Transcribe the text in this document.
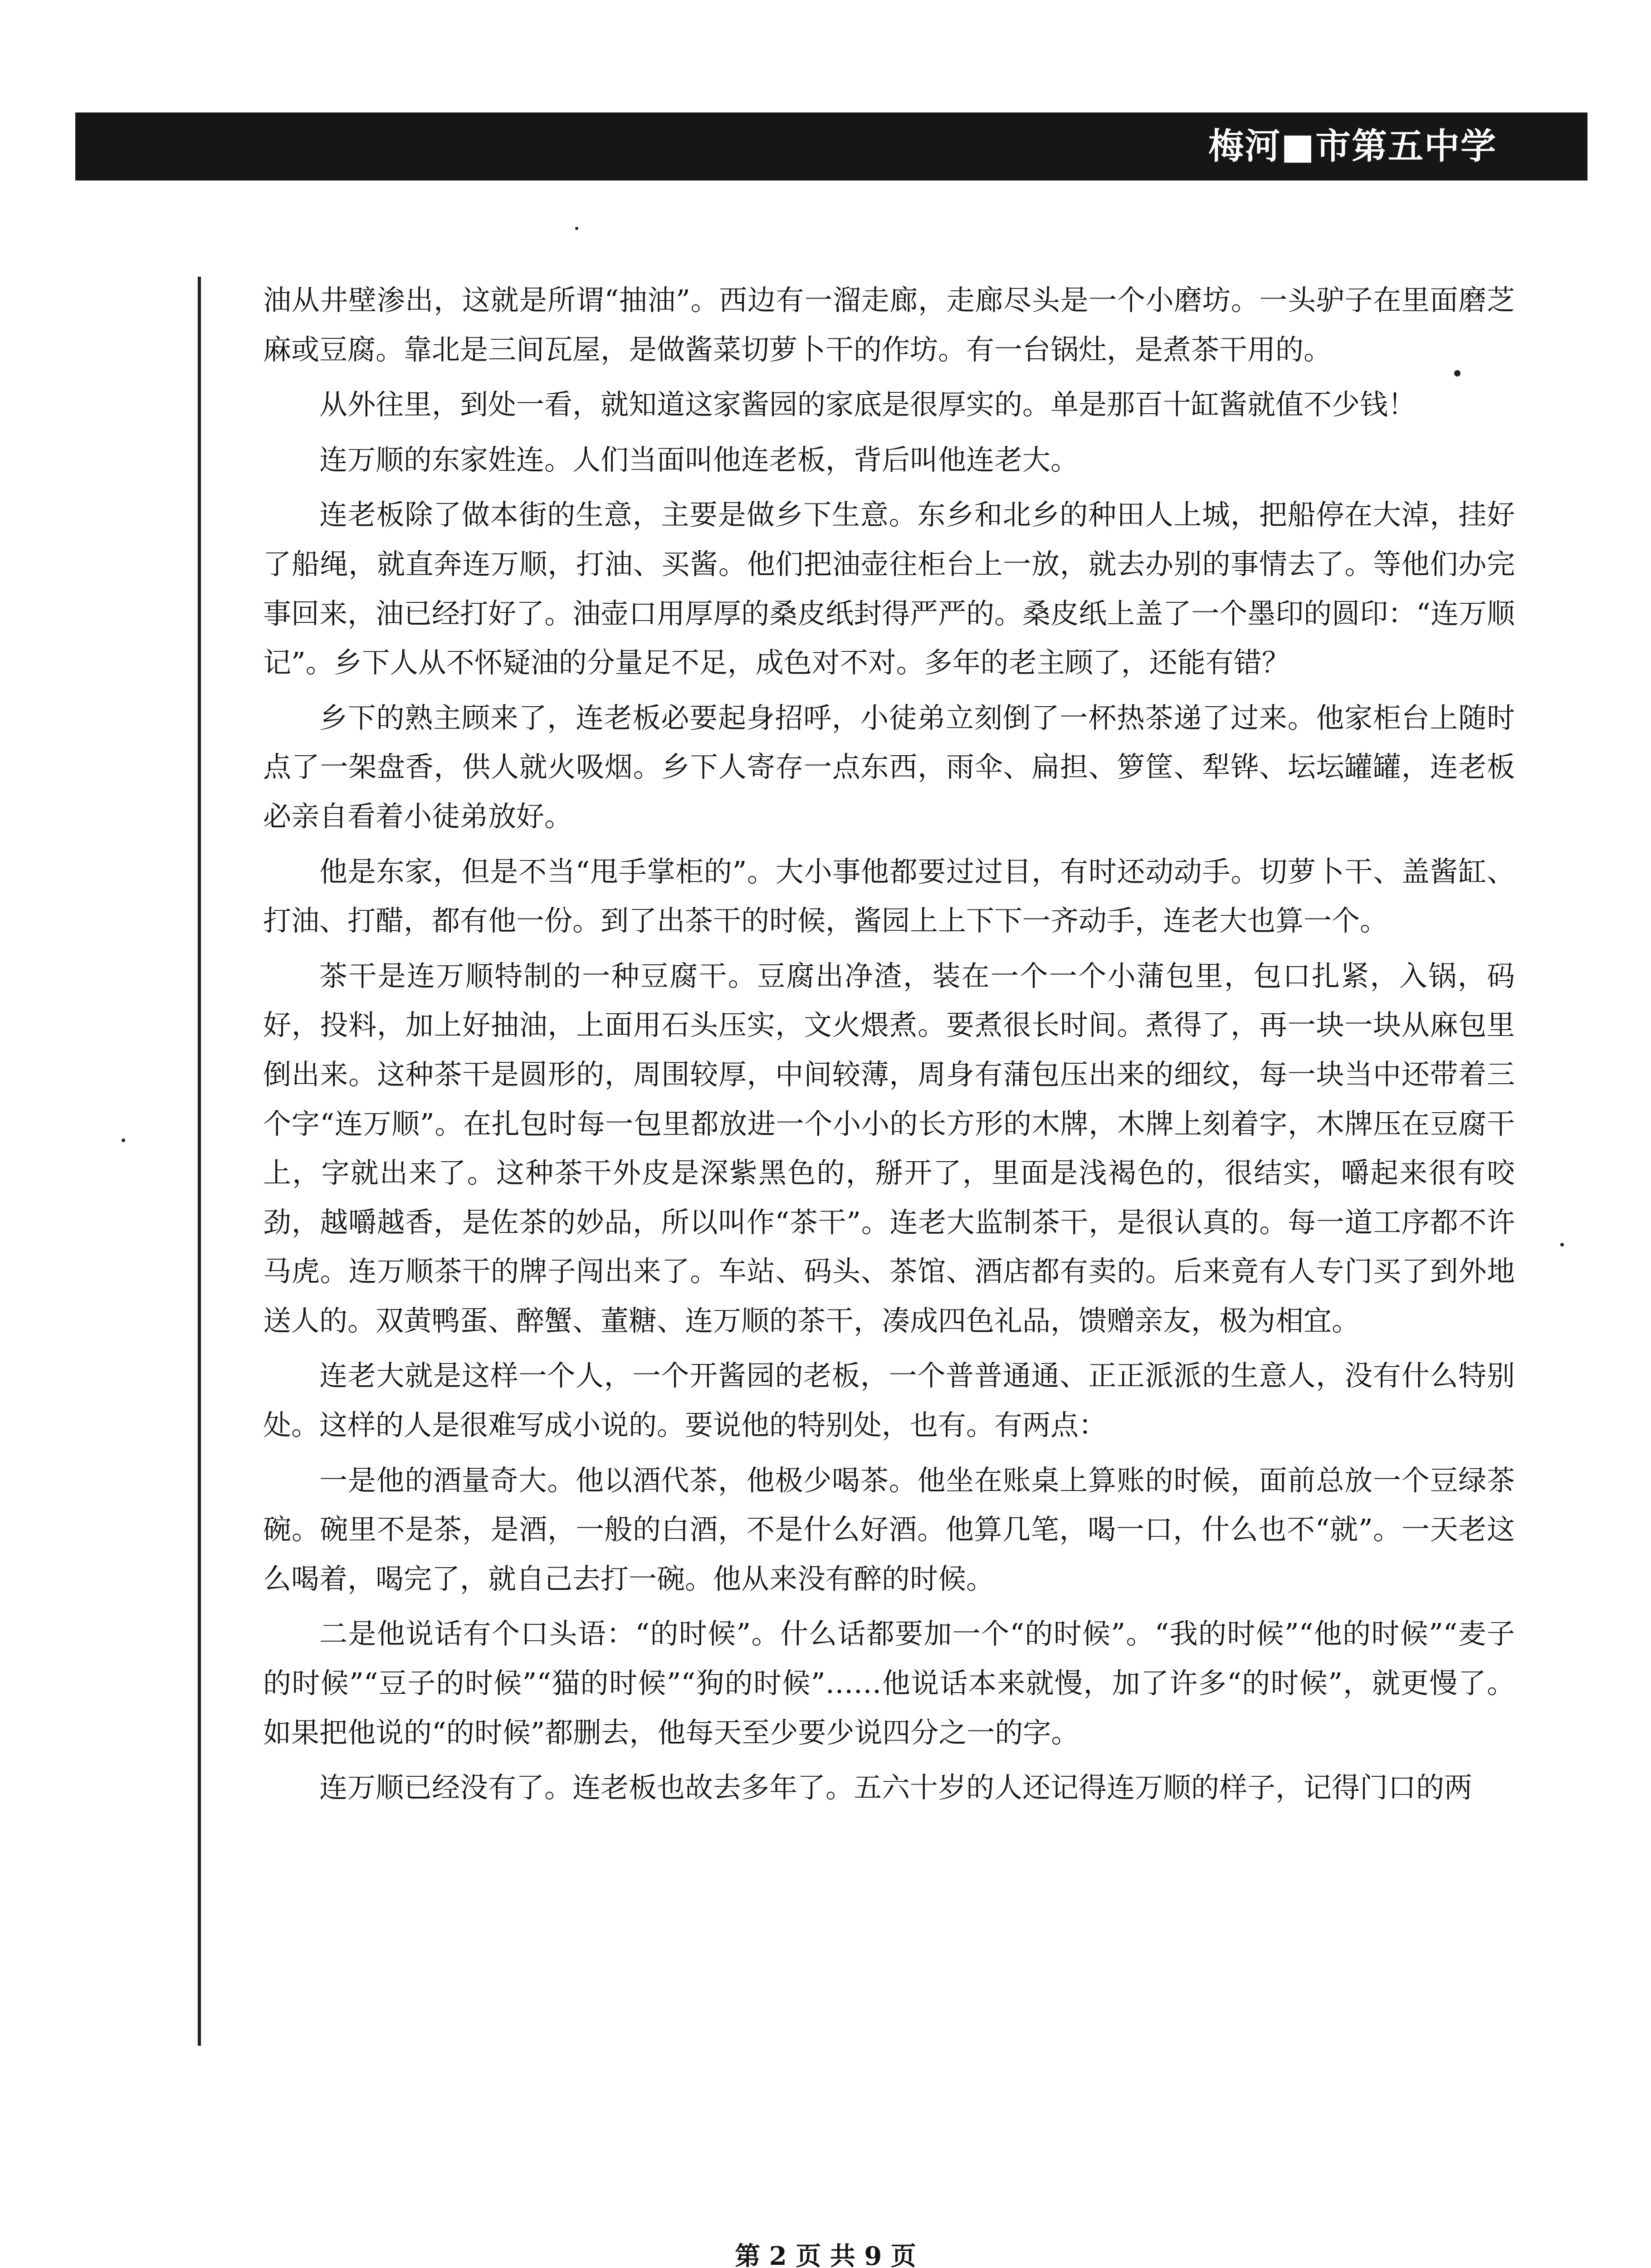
梅河■市第五中学

油从井壁渗出，这就是所谓“抽油”。西边有一溜走廊，走廊尽头是一个小磨坊。一头驴子在里面磨芝麻或豆腐。靠北是三间瓦屋，是做酱菜切萝卜干的作坊。有一台锅灶，是煮茶干用的。

从外往里，到处一看，就知道这家酱园的家底是很厚实的。单是那百十缸酱就值不少钱！

连万顺的东家姓连。人们当面叫他连老板，背后叫他连老大。

连老板除了做本街的生意，主要是做乡下生意。东乡和北乡的种田人上城，把船停在大淖，挂好了船绳，就直奔连万顺，打油、买酱。他们把油壶往柜台上一放，就去办别的事情去了。等他们办完事回来，油已经打好了。油壶口用厚厚的桑皮纸封得严严的。桑皮纸上盖了一个墨印的圆印：“连万顺记”。乡下人从不怀疑油的分量足不足，成色对不对。多年的老主顾了，还能有错？

乡下的熟主顾来了，连老板必要起身招呼，小徒弟立刻倒了一杯热茶递了过来。他家柜台上随时点了一架盘香，供人就火吸烟。乡下人寄存一点东西，雨伞、扁担、箩筐、犁铧、坛坛罐罐，连老板必亲自看着小徒弟放好。

他是东家，但是不当“甩手掌柜的”。大小事他都要过过目，有时还动动手。切萝卜干、盖酱缸、打油、打醋，都有他一份。到了出茶干的时候，酱园上上下下一齐动手，连老大也算一个。

茶干是连万顺特制的一种豆腐干。豆腐出净渣，装在一个一个小蒲包里，包口扎紧，入锅，码好，投料，加上好抽油，上面用石头压实，文火煨煮。要煮很长时间。煮得了，再一块一块从麻包里倒出来。这种茶干是圆形的，周围较厚，中间较薄，周身有蒲包压出来的细纹，每一块当中还带着三个字“连万顺”。在扎包时每一包里都放进一个小小的长方形的木牌，木牌上刻着字，木牌压在豆腐干上，字就出来了。这种茶干外皮是深紫黑色的，掰开了，里面是浅褐色的，很结实，嚼起来很有咬劲，越嚼越香，是佐茶的妙品，所以叫作“茶干”。连老大监制茶干，是很认真的。每一道工序都不许马虎。连万顺茶干的牌子闯出来了。车站、码头、茶馆、酒店都有卖的。后来竟有人专门买了到外地送人的。双黄鸭蛋、醉蟹、董糖、连万顺的茶干，凑成四色礼品，馈赠亲友，极为相宜。

连老大就是这样一个人，一个开酱园的老板，一个普普通通、正正派派的生意人，没有什么特别处。这样的人是很难写成小说的。要说他的特别处，也有。有两点：

一是他的酒量奇大。他以酒代茶，他极少喝茶。他坐在账桌上算账的时候，面前总放一个豆绿茶碗。碗里不是茶，是酒，一般的白酒，不是什么好酒。他算几笔，喝一口，什么也不“就”。一天老这么喝着，喝完了，就自己去打一碗。他从来没有醉的时候。

二是他说话有个口头语：“的时候”。什么话都要加一个“的时候”。“我的时候”“他的时候”“麦子的时候”“豆子的时候”“猫的时候”“狗的时候”……他说话本来就慢，加了许多“的时候”，就更慢了。如果把他说的“的时候”都删去，他每天至少要少说四分之一的字。

连万顺已经没有了。连老板也故去多年了。五六十岁的人还记得连万顺的样子，记得门口的两

第 2 页 共 9 页
